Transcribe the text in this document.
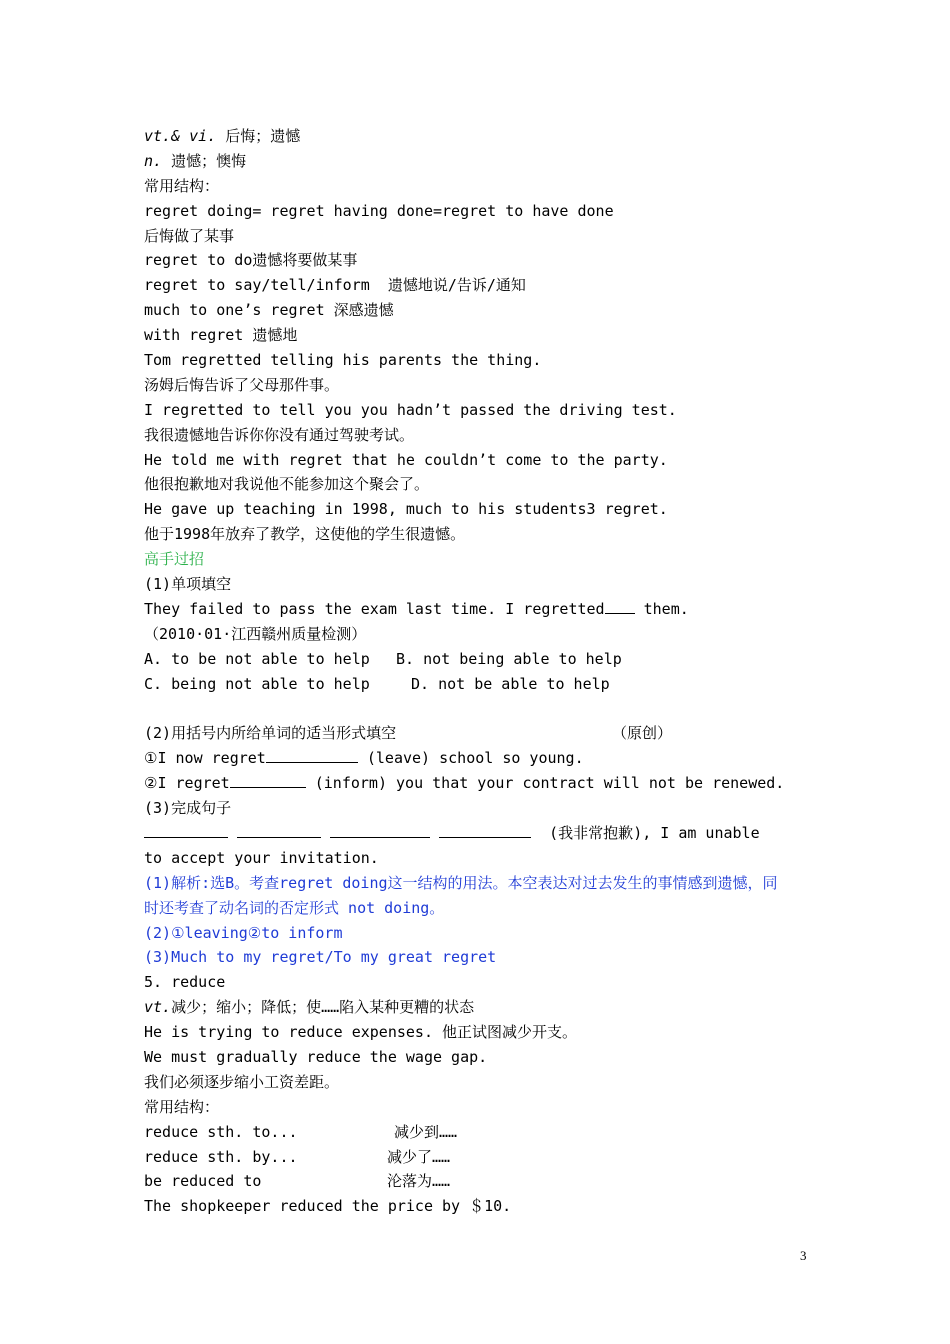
vt.& vi. 后悔；遗憾
n. 遗憾；懊悔
常用结构：
regret doing= regret having done=regret to have done
后悔做了某事
regret to do遗憾将要做某事
regret to say/tell/inform  遗憾地说/告诉/通知
much to one’s regret 深感遗憾
with regret 遗憾地
Tom regretted telling his parents the thing.
汤姆后悔告诉了父母那件事。
I regretted to tell you you hadn’t passed the driving test.
我很遗憾地告诉你你没有通过驾驶考试。
He told me with regret that he couldn’t come to the party.
他很抱歉地对我说他不能参加这个聚会了。
He gave up teaching in 1998, much to his students3 regret.
他于1998年放弃了教学，这使他的学生很遗憾。
高手过招
(1)单项填空
They failed to pass the exam last time. I regretted them.
（2010·01·江西赣州质量检测）
A. to be not able to help B. not being able to help
C. being not able to help	D. not be able to help
(2)用括号内所给单词的适当形式填空	（原创）
①I now regret	(leave) school so young.
②I regret	(inform) you that your contract will not be renewed.
(3)完成句子
(我非常抱歉), I am unable
to accept your invitation.
(1)解析:选B。考查regret doing这一结构的用法。本空表达对过去发生的事情感到遗憾，同
时还考查了动名词的否定形式 not doing。
(2)①leaving②to inform
(3)Much to my regret/To my great regret
5. reduce
vt.减少；缩小；降低；使……陷入某种更糟的状态
He is trying to reduce expenses. 他正试图减少开支。
We must gradually reduce the wage gap.
我们必须逐步缩小工资差距。
常用结构：
reduce sth. to...	减少到……
reduce sth. by...	减少了……
be reduced to	沦落为……
The shopkeeper reduced the price by ＄10.
3
